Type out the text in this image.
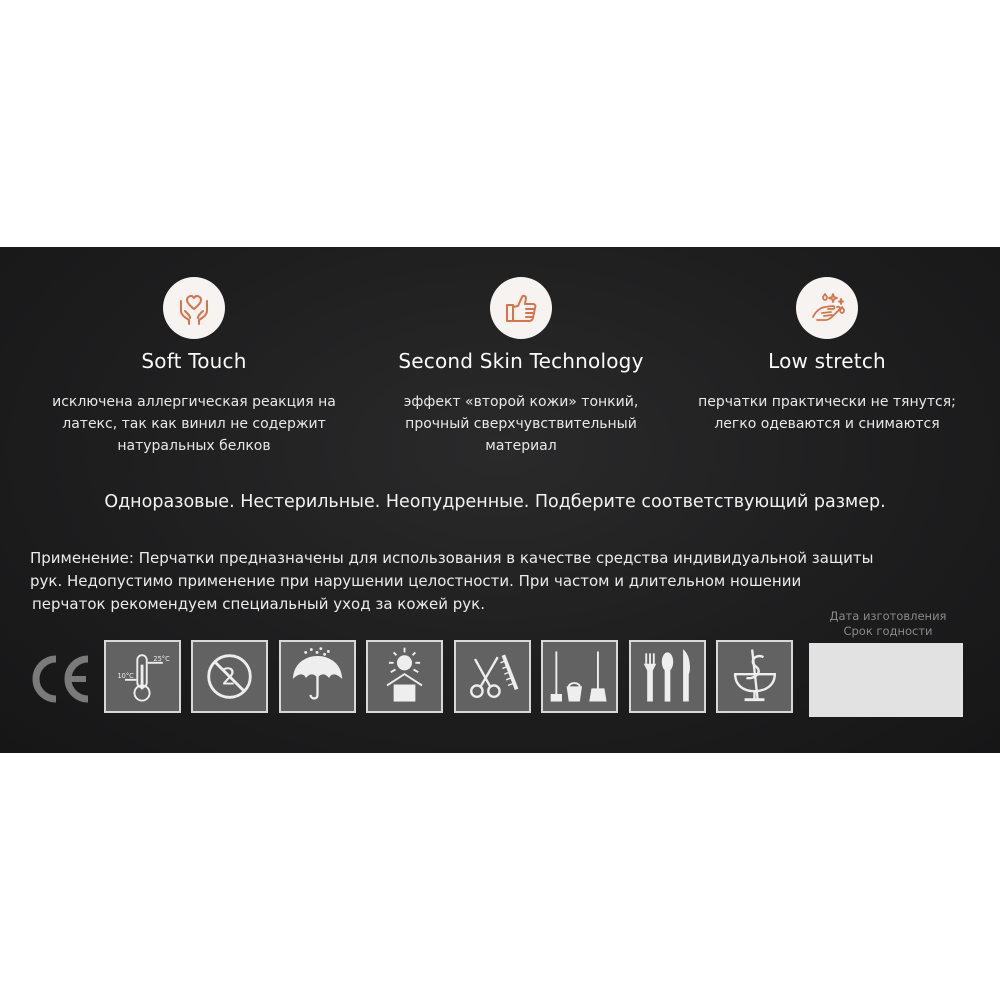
Soft Touch
исключена аллергическая реакция на
латекс, так как винил не содержит
натуральных белков
Second Skin Technology
эффект «второй кожи» тонкий,
прочный сверхчувствительный
материал
Low stretch
перчатки практически не тянутся;
легко одеваются и снимаются
Одноразовые. Нестерильные. Неопудренные. Подберите соответствующий размер.
Применение: Перчатки предназначены для использования в качестве средства индивидуальной защиты
рук. Недопустимо применение при нарушении целостности. При частом и длительном ношении
перчаток рекомендуем специальный уход за кожей рук.
Дата изготовления
Срок годности
10°C
25°C
2
